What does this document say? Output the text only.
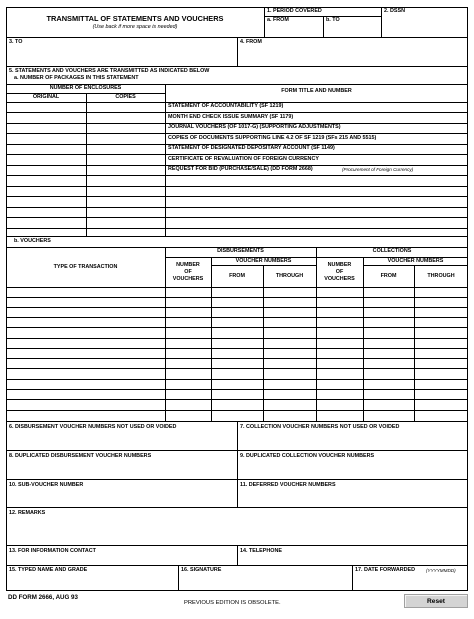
TRANSMITTAL OF STATEMENTS AND VOUCHERS
(Use back if more space is needed)
1. PERIOD COVERED
a. FROM	b. TO
2. DSSN
3. TO	4. FROM
5. STATEMENTS AND VOUCHERS ARE TRANSMITTED AS INDICATED BELOW
a. NUMBER OF PACKAGES IN THIS STATEMENT
NUMBER OF ENCLOSURES
ORIGINAL	COPIES
FORM TITLE AND NUMBER
STATEMENT OF ACCOUNTABILITY (SF 1219)
MONTH END CHECK ISSUE SUMMARY (SF 1179)
JOURNAL VOUCHERS (OF 1017-G) (SUPPORTING ADJUSTMENTS)
COPIES OF DOCUMENTS SUPPORTING LINE 4.2 OF SF 1219 (SFs 215 AND 5515)
STATEMENT OF DESIGNATED DEPOSITARY ACCOUNT (SF 1149)
CERTIFICATE OF REVALUATION OF FOREIGN CURRENCY
REQUEST FOR BID (PURCHASE/SALE) (DD FORM 2668)	(Procurement of Foreign Currency)
b. VOUCHERS
TYPE OF TRANSACTION
DISBURSEMENTS	COLLECTIONS
NUMBER
OF
VOUCHERS
VOUCHER NUMBERS
FROM	THROUGH
NUMBER
OF
VOUCHERS
VOUCHER NUMBERS
FROM	THROUGH
6. DISBURSEMENT VOUCHER NUMBERS NOT USED OR VOIDED	7. COLLECTION VOUCHER NUMBERS NOT USED OR VOIDED
8. DUPLICATED DISBURSEMENT VOUCHER NUMBERS	9. DUPLICATED COLLECTION VOUCHER NUMBERS
10. SUB-VOUCHER NUMBER	11. DEFERRED VOUCHER NUMBERS
12. REMARKS
13. FOR INFORMATION CONTACT	14. TELEPHONE
15. TYPED NAME AND GRADE	16. SIGNATURE	17. DATE FORWARDED (YYYYMMDD)
DD FORM 2666, AUG 93
PREVIOUS EDITION IS OBSOLETE.	Reset
